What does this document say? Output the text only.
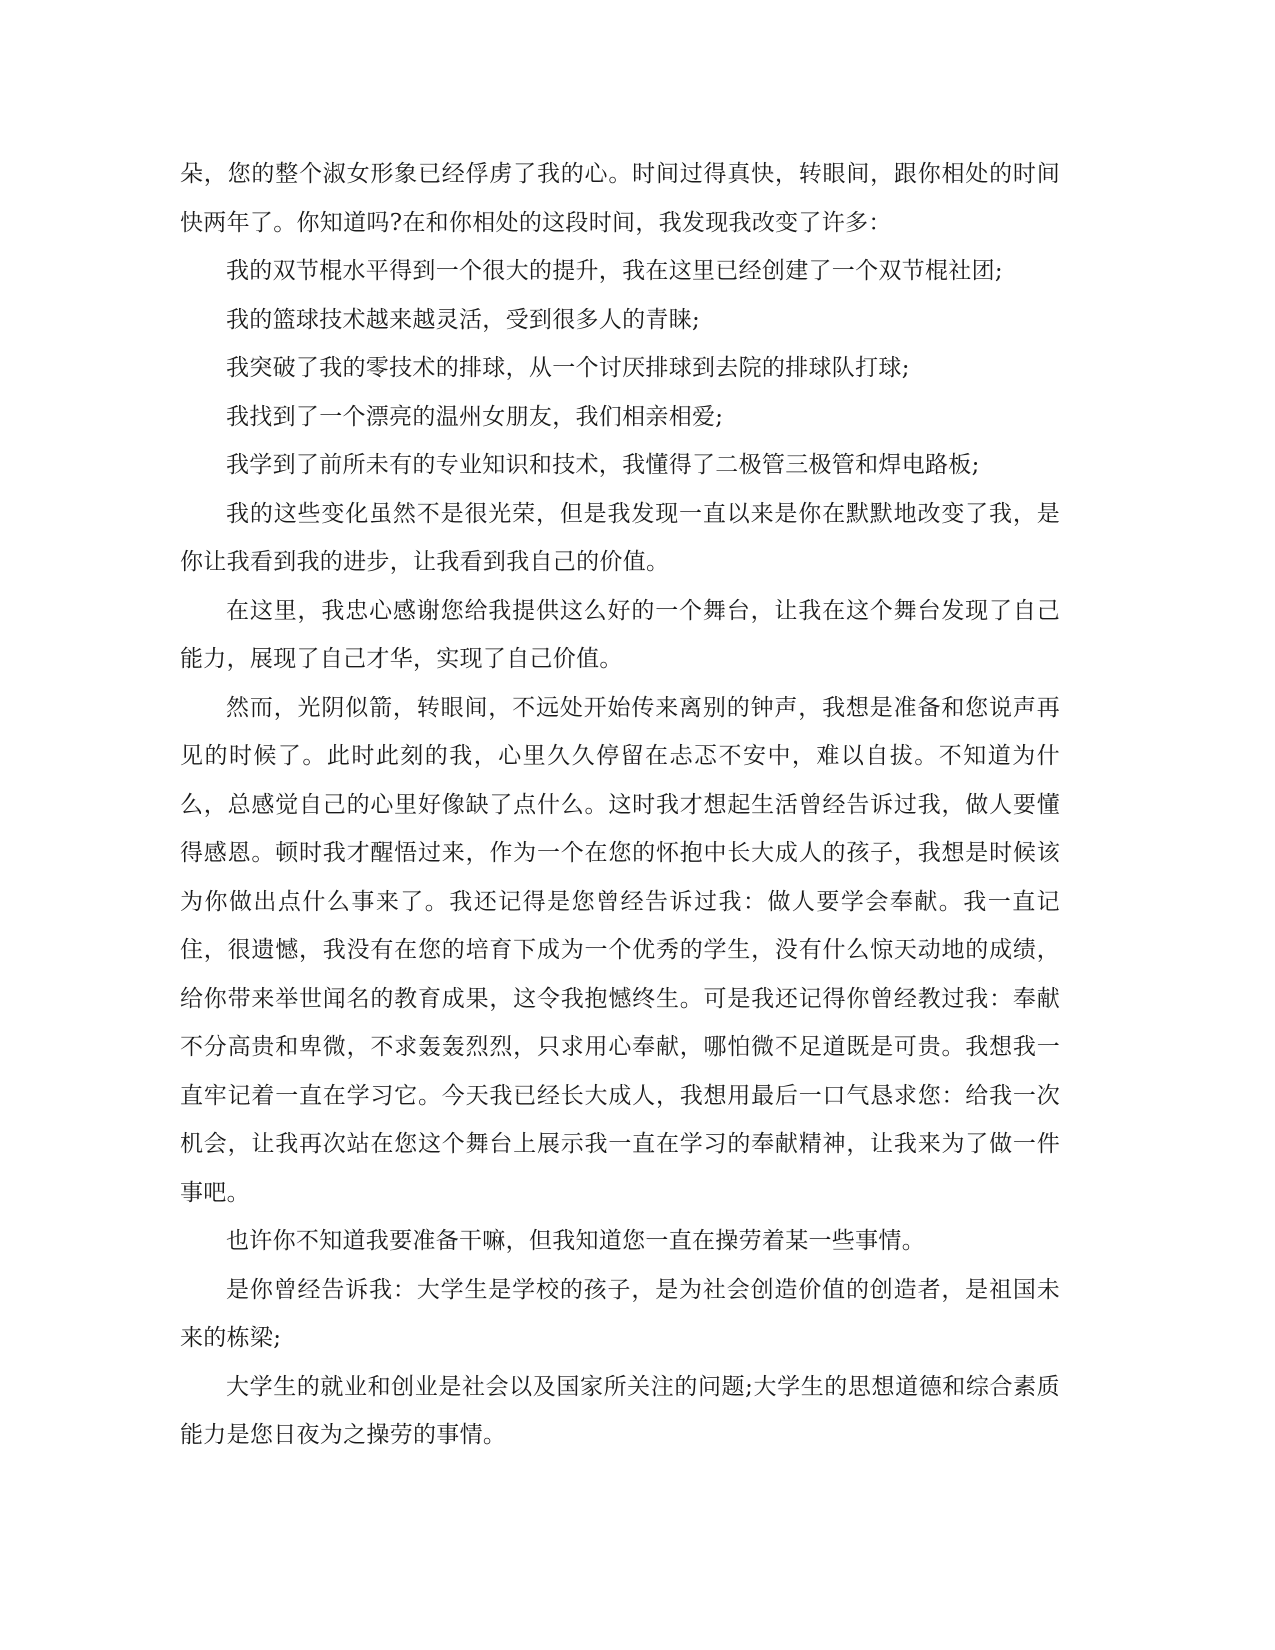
朵，您的整个淑女形象已经俘虏了我的心。时间过得真快，转眼间，跟你相处的时间快两年了。你知道吗?在和你相处的这段时间，我发现我改变了许多：

我的双节棍水平得到一个很大的提升，我在这里已经创建了一个双节棍社团;

我的篮球技术越来越灵活，受到很多人的青睐;

我突破了我的零技术的排球，从一个讨厌排球到去院的排球队打球;

我找到了一个漂亮的温州女朋友，我们相亲相爱;

我学到了前所未有的专业知识和技术，我懂得了二极管三极管和焊电路板;

我的这些变化虽然不是很光荣，但是我发现一直以来是你在默默地改变了我，是你让我看到我的进步，让我看到我自己的价值。

在这里，我忠心感谢您给我提供这么好的一个舞台，让我在这个舞台发现了自己能力，展现了自己才华，实现了自己价值。

然而，光阴似箭，转眼间，不远处开始传来离别的钟声，我想是准备和您说声再见的时候了。此时此刻的我，心里久久停留在忐忑不安中，难以自拔。不知道为什么，总感觉自己的心里好像缺了点什么。这时我才想起生活曾经告诉过我，做人要懂得感恩。顿时我才醒悟过来，作为一个在您的怀抱中长大成人的孩子，我想是时候该为你做出点什么事来了。我还记得是您曾经告诉过我：做人要学会奉献。我一直记住，很遗憾，我没有在您的培育下成为一个优秀的学生，没有什么惊天动地的成绩，给你带来举世闻名的教育成果，这令我抱憾终生。可是我还记得你曾经教过我：奉献不分高贵和卑微，不求轰轰烈烈，只求用心奉献，哪怕微不足道既是可贵。我想我一直牢记着一直在学习它。今天我已经长大成人，我想用最后一口气恳求您：给我一次机会，让我再次站在您这个舞台上展示我一直在学习的奉献精神，让我来为了做一件事吧。

也许你不知道我要准备干嘛，但我知道您一直在操劳着某一些事情。

是你曾经告诉我：大学生是学校的孩子，是为社会创造价值的创造者，是祖国未来的栋梁;

大学生的就业和创业是社会以及国家所关注的问题;大学生的思想道德和综合素质能力是您日夜为之操劳的事情。
